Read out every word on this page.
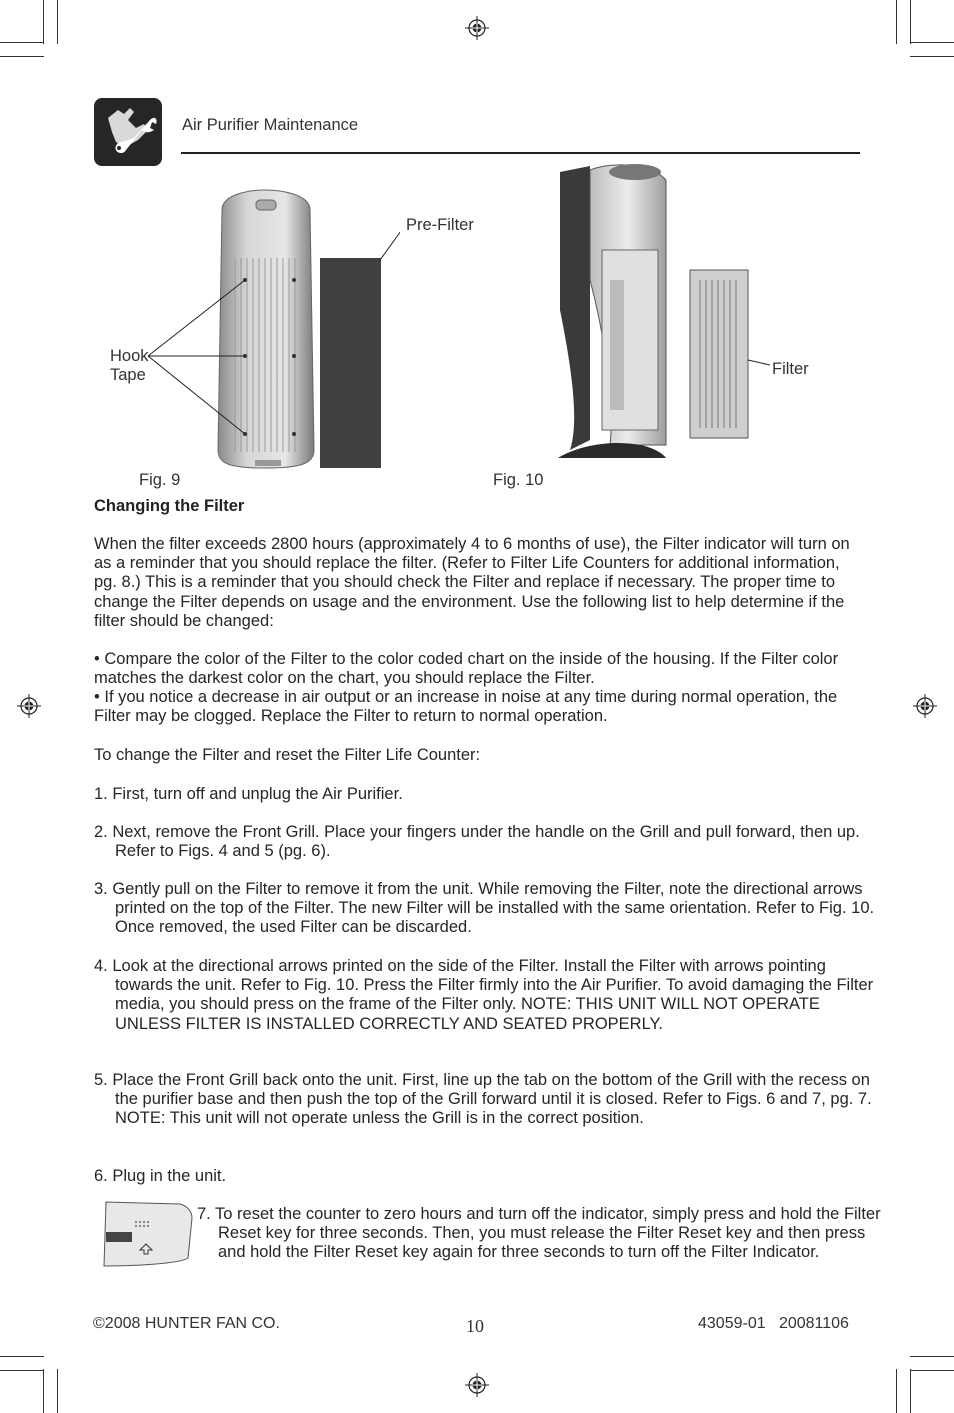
Air Purifier Maintenance
Pre-Filter
Hook
Tape
Fig. 9
Filter
Fig. 10
Changing the Filter

When the filter exceeds 2800 hours (approximately 4 to 6 months of use), the Filter indicator will turn on as a reminder that you should replace the filter. (Refer to Filter Life Counters for additional information, pg. 8.) This is a reminder that you should check the Filter and replace if necessary. The proper time to change the Filter depends on usage and the environment. Use the following list to help determine if the filter should be changed:

• Compare the color of the Filter to the color coded chart on the inside of the housing. If the Filter color matches the darkest color on the chart, you should replace the Filter.

• If you notice a decrease in air output or an increase in noise at any time during normal operation, the Filter may be clogged. Replace the Filter to return to normal operation.

To change the Filter and reset the Filter Life Counter:

1. First, turn off and unplug the Air Purifier.

2. Next, remove the Front Grill. Place your fingers under the handle on the Grill and pull forward, then up. Refer to Figs. 4 and 5 (pg. 6).

3. Gently pull on the Filter to remove it from the unit. While removing the Filter, note the directional arrows printed on the top of the Filter. The new Filter will be installed with the same orientation. Refer to Fig. 10. Once removed, the used Filter can be discarded.

4. Look at the directional arrows printed on the side of the Filter. Install the Filter with arrows pointing towards the unit. Refer to Fig. 10. Press the Filter firmly into the Air Purifier. To avoid damaging the Filter media, you should press on the frame of the Filter only. NOTE: THIS UNIT WILL NOT OPERATE UNLESS FILTER IS INSTALLED CORRECTLY AND SEATED PROPERLY.

5. Place the Front Grill back onto the unit. First, line up the tab on the bottom of the Grill with the recess on the purifier base and then push the top of the Grill forward until it is closed. Refer to Figs. 6 and 7, pg. 7. NOTE: This unit will not operate unless the Grill is in the correct position.

6. Plug in the unit.

7. To reset the counter to zero hours and turn off the indicator, simply press and hold the Filter Reset key for three seconds. Then, you must release the Filter Reset key and then press and hold the Filter Reset key again for three seconds to turn off the Filter Indicator.

©2008 HUNTER FAN CO.	10	43059-01   20081106
